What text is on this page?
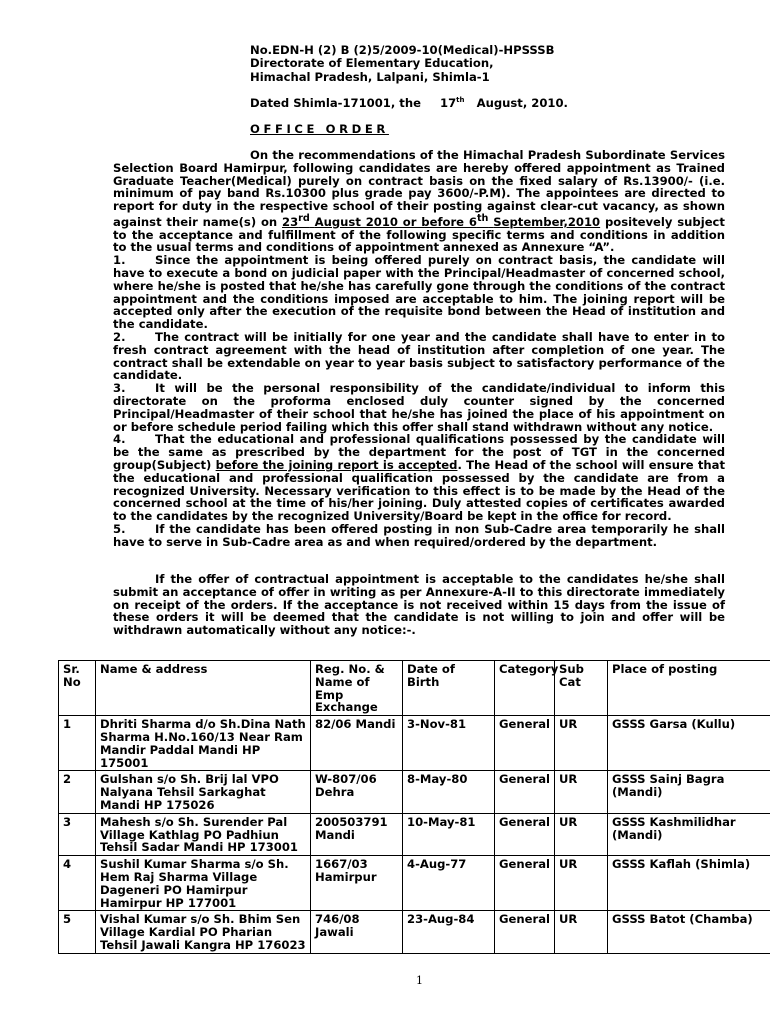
No.EDN-H (2) B (2)5/2009-10(Medical)-HPSSSB
Directorate of Elementary Education,
Himachal Pradesh, Lalpani, Shimla-1
Dated Shimla-171001, the 17th August, 2010.
OFFICE ORDER

On the recommendations of the Himachal Pradesh Subordinate Services Selection Board Hamirpur, following candidates are hereby offered appointment as Trained Graduate Teacher(Medical) purely on contract basis on the fixed salary of Rs.13900/- (i.e. minimum of pay band Rs.10300 plus grade pay 3600/-P.M). The appointees are directed to report for duty in the respective school of their posting against clear-cut vacancy, as shown against their name(s) on 23rd August 2010 or before 6th September,2010 positevely subject to the acceptance and fulfillment of the following specific terms and conditions in addition to the usual terms and conditions of appointment annexed as Annexure “A”.

1.	Since the appointment is being offered purely on contract basis, the candidate will have to execute a bond on judicial paper with the Principal/Headmaster of concerned school, where he/she is posted that he/she has carefully gone through the conditions of the contract appointment and the conditions imposed are acceptable to him. The joining report will be accepted only after the execution of the requisite bond between the Head of institution and the candidate.

2.	The contract will be initially for one year and the candidate shall have to enter in to fresh contract agreement with the head of institution after completion of one year. The contract shall be extendable on year to year basis subject to satisfactory performance of the candidate.

3.	It will be the personal responsibility of the candidate/individual to inform this directorate on the proforma enclosed duly counter signed by the concerned Principal/Headmaster of their school that he/she has joined the place of his appointment on or before schedule period failing which this offer shall stand withdrawn without any notice.

4.	That the educational and professional qualifications possessed by the candidate will be the same as prescribed by the department for the post of TGT in the concerned group(Subject) before the joining report is accepted. The Head of the school will ensure that the educational and professional qualification possessed by the candidate are from a recognized University. Necessary verification to this effect is to be made by the Head of the concerned school at the time of his/her joining. Duly attested copies of certificates awarded to the candidates by the recognized University/Board be kept in the office for record.

5.	If the candidate has been offered posting in non Sub-Cadre area temporarily he shall have to serve in Sub-Cadre area as and when required/ordered by the department.

If the offer of contractual appointment is acceptable to the candidates he/she shall submit an acceptance of offer in writing as per Annexure-A-II to this directorate immediately on receipt of the orders. If the acceptance is not received within 15 days from the issue of these orders it will be deemed that the candidate is not willing to join and offer will be withdrawn automatically without any notice:-.

Sr. No	Name & address	Reg. No. & Name of Emp Exchange	Date of Birth	Category	Sub Cat	Place of posting
1	Dhriti Sharma d/o Sh.Dina Nath Sharma H.No.160/13 Near Ram Mandir Paddal Mandi HP 175001	82/06 Mandi	3-Nov-81	General	UR	GSSS Garsa (Kullu)
2	Gulshan s/o Sh. Brij lal VPO Nalyana Tehsil Sarkaghat Mandi HP 175026	W-807/06 Dehra	8-May-80	General	UR	GSSS Sainj Bagra (Mandi)
3	Mahesh s/o Sh. Surender Pal Village Kathlag PO Padhiun Tehsil Sadar Mandi HP 173001	200503791 Mandi	10-May-81	General	UR	GSSS Kashmilidhar (Mandi)
4	Sushil Kumar Sharma s/o Sh. Hem Raj Sharma Village Dageneri PO Hamirpur Hamirpur HP 177001	1667/03 Hamirpur	4-Aug-77	General	UR	GSSS Kaflah (Shimla)
5	Vishal Kumar s/o Sh. Bhim Sen Village Kardial PO Pharian Tehsil Jawali Kangra HP 176023	746/08 Jawali	23-Aug-84	General	UR	GSSS Batot (Chamba)
1
